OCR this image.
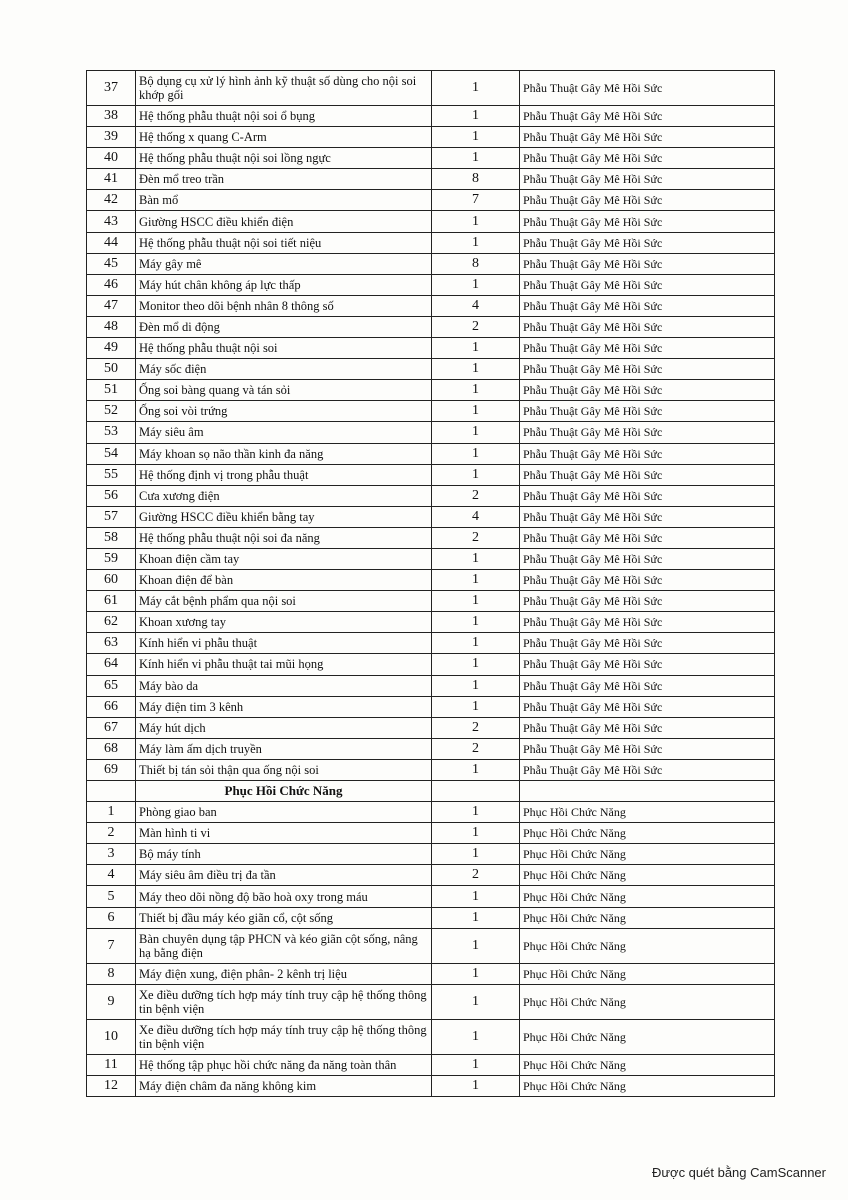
37	Bộ dụng cụ xử lý hình ảnh kỹ thuật số dùng cho nội soi khớp gối	1	Phẫu Thuật Gây Mê Hồi Sức
38	Hệ thống phẫu thuật nội soi ổ bụng	1	Phẫu Thuật Gây Mê Hồi Sức
39	Hệ thống x quang C-Arm	1	Phẫu Thuật Gây Mê Hồi Sức
40	Hệ thống phẫu thuật nội soi lồng ngực	1	Phẫu Thuật Gây Mê Hồi Sức
41	Đèn mổ treo trần	8	Phẫu Thuật Gây Mê Hồi Sức
42	Bàn mổ	7	Phẫu Thuật Gây Mê Hồi Sức
43	Giường HSCC điều khiển điện	1	Phẫu Thuật Gây Mê Hồi Sức
44	Hệ thống phẫu thuật nội soi tiết niệu	1	Phẫu Thuật Gây Mê Hồi Sức
45	Máy gây mê	8	Phẫu Thuật Gây Mê Hồi Sức
46	Máy hút chân không áp lực thấp	1	Phẫu Thuật Gây Mê Hồi Sức
47	Monitor theo dõi bệnh nhân 8 thông số	4	Phẫu Thuật Gây Mê Hồi Sức
48	Đèn mổ di động	2	Phẫu Thuật Gây Mê Hồi Sức
49	Hệ thống phẫu thuật nội soi	1	Phẫu Thuật Gây Mê Hồi Sức
50	Máy sốc điện	1	Phẫu Thuật Gây Mê Hồi Sức
51	Ống soi bàng quang và tán sỏi	1	Phẫu Thuật Gây Mê Hồi Sức
52	Ống soi vòi trứng	1	Phẫu Thuật Gây Mê Hồi Sức
53	Máy siêu âm	1	Phẫu Thuật Gây Mê Hồi Sức
54	Máy khoan sọ não thần kinh đa năng	1	Phẫu Thuật Gây Mê Hồi Sức
55	Hệ thống định vị trong phẫu thuật	1	Phẫu Thuật Gây Mê Hồi Sức
56	Cưa xương điện	2	Phẫu Thuật Gây Mê Hồi Sức
57	Giường HSCC điều khiển bằng tay	4	Phẫu Thuật Gây Mê Hồi Sức
58	Hệ thống phẫu thuật nội soi đa năng	2	Phẫu Thuật Gây Mê Hồi Sức
59	Khoan điện cầm tay	1	Phẫu Thuật Gây Mê Hồi Sức
60	Khoan điện để bàn	1	Phẫu Thuật Gây Mê Hồi Sức
61	Máy cắt bệnh phẩm qua nội soi	1	Phẫu Thuật Gây Mê Hồi Sức
62	Khoan xương tay	1	Phẫu Thuật Gây Mê Hồi Sức
63	Kính hiển vi phẫu thuật	1	Phẫu Thuật Gây Mê Hồi Sức
64	Kính hiển vi phẫu thuật tai mũi họng	1	Phẫu Thuật Gây Mê Hồi Sức
65	Máy bào da	1	Phẫu Thuật Gây Mê Hồi Sức
66	Máy điện tim 3 kênh	1	Phẫu Thuật Gây Mê Hồi Sức
67	Máy hút dịch	2	Phẫu Thuật Gây Mê Hồi Sức
68	Máy làm ấm dịch truyền	2	Phẫu Thuật Gây Mê Hồi Sức
69	Thiết bị tán sỏi thận qua ống nội soi	1	Phẫu Thuật Gây Mê Hồi Sức
	Phục Hồi Chức Năng		
1	Phòng giao ban	1	Phục Hồi Chức Năng
2	Màn hình ti vi	1	Phục Hồi Chức Năng
3	Bộ máy tính	1	Phục Hồi Chức Năng
4	Máy siêu âm điều trị đa tần	2	Phục Hồi Chức Năng
5	Máy theo dõi nồng độ bão hoà oxy trong máu	1	Phục Hồi Chức Năng
6	Thiết bị đầu máy kéo giãn cổ, cột sống	1	Phục Hồi Chức Năng
7	Bàn chuyên dụng tập PHCN và kéo giãn cột sống, nâng hạ bằng điện	1	Phục Hồi Chức Năng
8	Máy điện xung, điện phân- 2 kênh trị liệu	1	Phục Hồi Chức Năng
9	Xe điều dưỡng tích hợp máy tính truy cập hệ thống thông tin bệnh viện	1	Phục Hồi Chức Năng
10	Xe điều dưỡng tích hợp máy tính truy cập hệ thống thông tin bệnh viện	1	Phục Hồi Chức Năng
11	Hệ thống tập phục hồi chức năng đa năng toàn thân	1	Phục Hồi Chức Năng
12	Máy điện châm đa năng không kim	1	Phục Hồi Chức Năng
Được quét bằng CamScanner
